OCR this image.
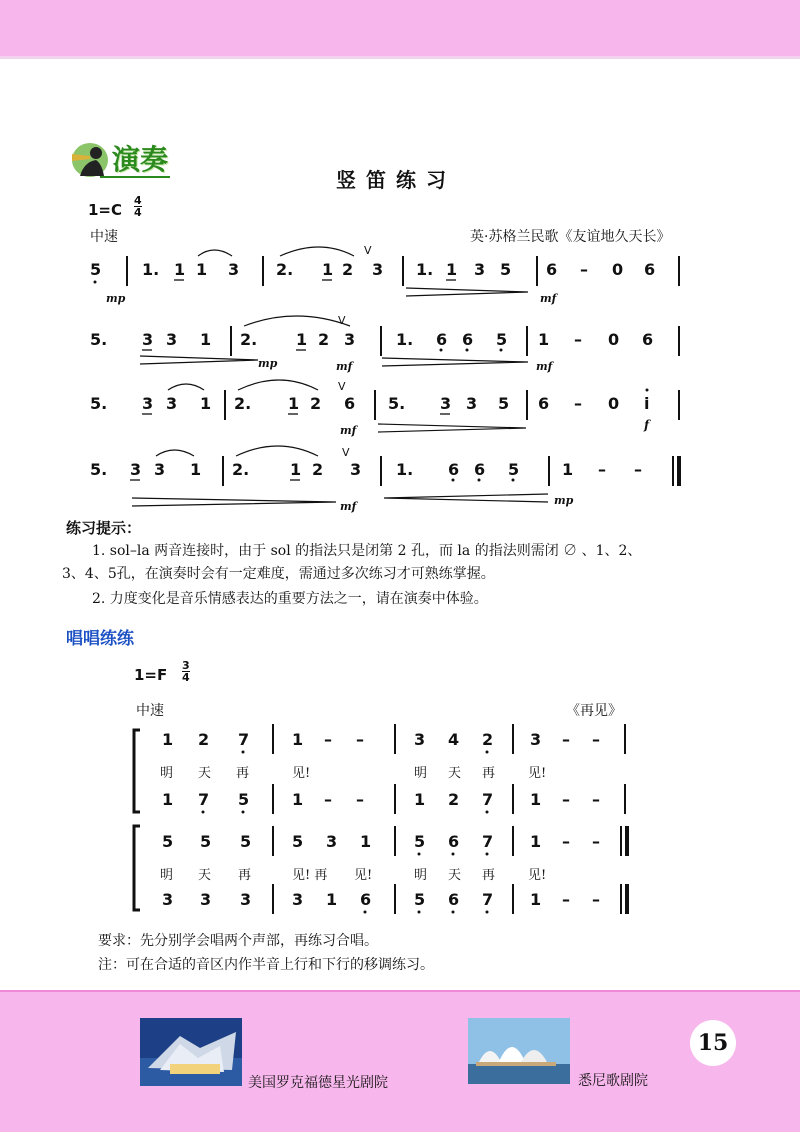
演奏
竖笛练习
1=C
4
4
中速	英·苏格兰民歌《友谊地久天长》
5	1. 1 1 3 2. 1 2 3 1. 1 3 5 6 – 0 6
mp	mf
V
5. 3 3 1 2. 1 2 3	1. 6 6 5 1 – 0 6
mp	mf	mf
V
5. 3 3 1 2. 1 2 6 5. 3 3 5 6 – 0 i
mf	f
V
5. 3 3 1 2.	1 2 3 1. 6 6 5	1 – –
mf	mp
V
练习提示：
1. sol–la 两音连接时，由于 sol 的指法只是闭第 2 孔，而 la 的指法则需闭 ∅ 、1、2、
3、4、5孔，在演奏时会有一定难度，需通过多次练习才可熟练掌握。
2. 力度变化是音乐情感表达的重要方法之一，请在演奏中体验。
唱唱练练
1=F
3
4
中速	《再见》
1 2 7	1 – –	3 4 2 3 – –
明 天 再	见!	明 天 再	见!
1 7 5	1 – –	1 2 7 1 – –
5 5 5	5 3 1	5 6 7 1 – –
明 天 再	见! 再 见!	明 天 再	见!
3 3 3	3 1 6	5 6 7 1 – –
要求：先分别学会唱两个声部，再练习合唱。
注：可在合适的音区内作半音上行和下行的移调练习。
美国罗克福德星光剧院	悉尼歌剧院
15
